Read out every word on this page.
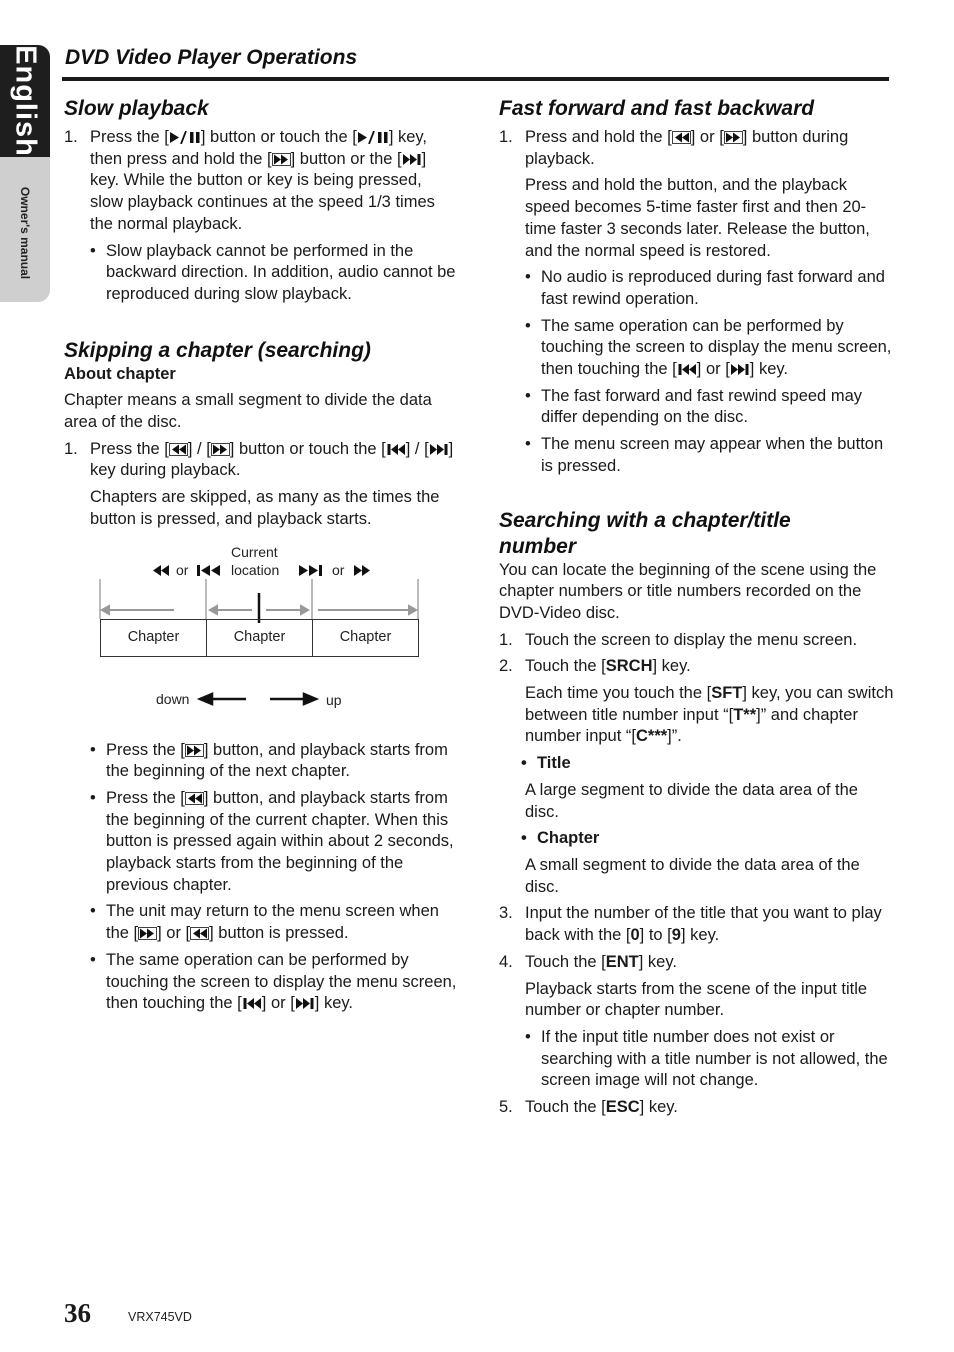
English
Owner's manual
DVD Video Player Operations
Slow playback
1. Press the [ ] button or touch the [ ] key, then press and hold the [ ] button or the [ ] key. While the button or key is being pressed, slow playback continues at the speed 1/3 times the normal playback.
• Slow playback cannot be performed in the backward direction. In addition, audio cannot be reproduced during slow playback.
Skipping a chapter (searching)
About chapter

Chapter means a small segment to divide the data area of the disc.

1. Press the [ ] / [ ] button or touch the [ ] / [ ] key during playback.
Chapters are skipped, as many as the times the button is pressed, and playback starts.
or
Current
location	or
Chapter	Chapter	Chapter
down	up
• Press the [ ] button, and playback starts from the beginning of the next chapter.
• Press the [ ] button, and playback starts from the beginning of the current chapter. When this button is pressed again within about 2 seconds, playback starts from the beginning of the previous chapter.
• The unit may return to the menu screen when the [ ] or [ ] button is pressed.
• The same operation can be performed by touching the screen to display the menu screen, then touching the [ ] or [ ] key.
Fast forward and fast backward
1. Press and hold the [ ] or [ ] button during playback.
Press and hold the button, and the playback speed becomes 5-time faster first and then 20-time faster 3 seconds later. Release the button, and the normal speed is restored.
• No audio is reproduced during fast forward and fast rewind operation.
• The same operation can be performed by touching the screen to display the menu screen, then touching the [ ] or [ ] key.
• The fast forward and fast rewind speed may differ depending on the disc.
• The menu screen may appear when the button is pressed.
Searching with a chapter/title
number

You can locate the beginning of the scene using the chapter numbers or title numbers recorded on the DVD-Video disc.

1. Touch the screen to display the menu screen.
2. Touch the [SRCH] key.
Each time you touch the [SFT] key, you can switch between title number input “[T**]” and chapter number input “[C***]”.
• Title
A large segment to divide the data area of the disc.
• Chapter
A small segment to divide the data area of the disc.
3. Input the number of the title that you want to play back with the [0] to [9] key.
4. Touch the [ENT] key.
Playback starts from the scene of the input title number or chapter number.
• If the input title number does not exist or searching with a title number is not allowed, the screen image will not change.
5. Touch the [ESC] key.
36	VRX745VD
